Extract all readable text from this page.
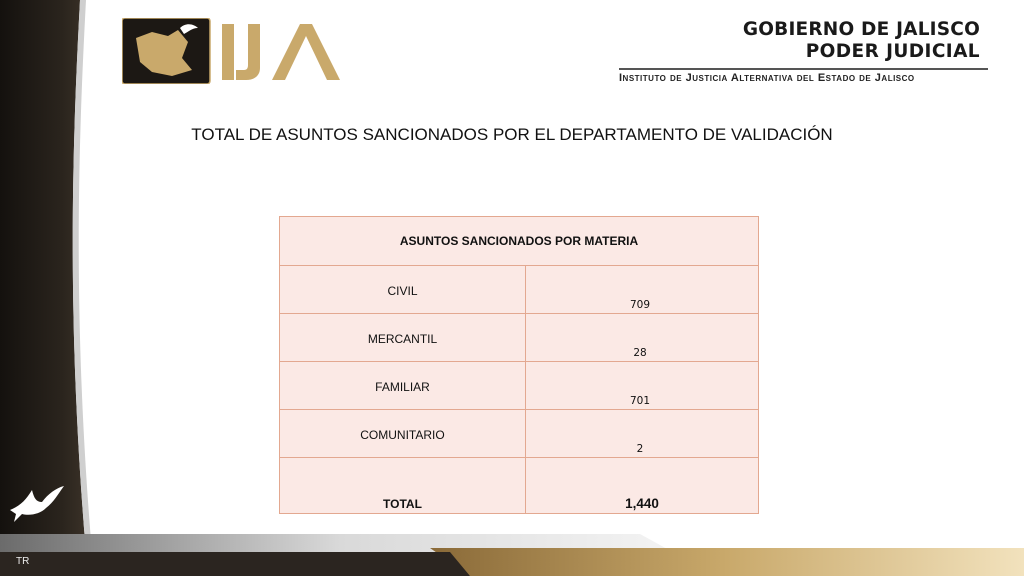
GOBIERNO DE JALISCO
PODER JUDICIAL
Instituto de Justicia Alternativa del Estado de Jalisco
TOTAL DE ASUNTOS SANCIONADOS POR EL DEPARTAMENTO DE VALIDACIÓN
ASUNTOS SANCIONADOS POR MATERIA	
CIVIL	709
MERCANTIL	28
FAMILIAR	701
COMUNITARIO	2
TOTAL	1,440
TR
